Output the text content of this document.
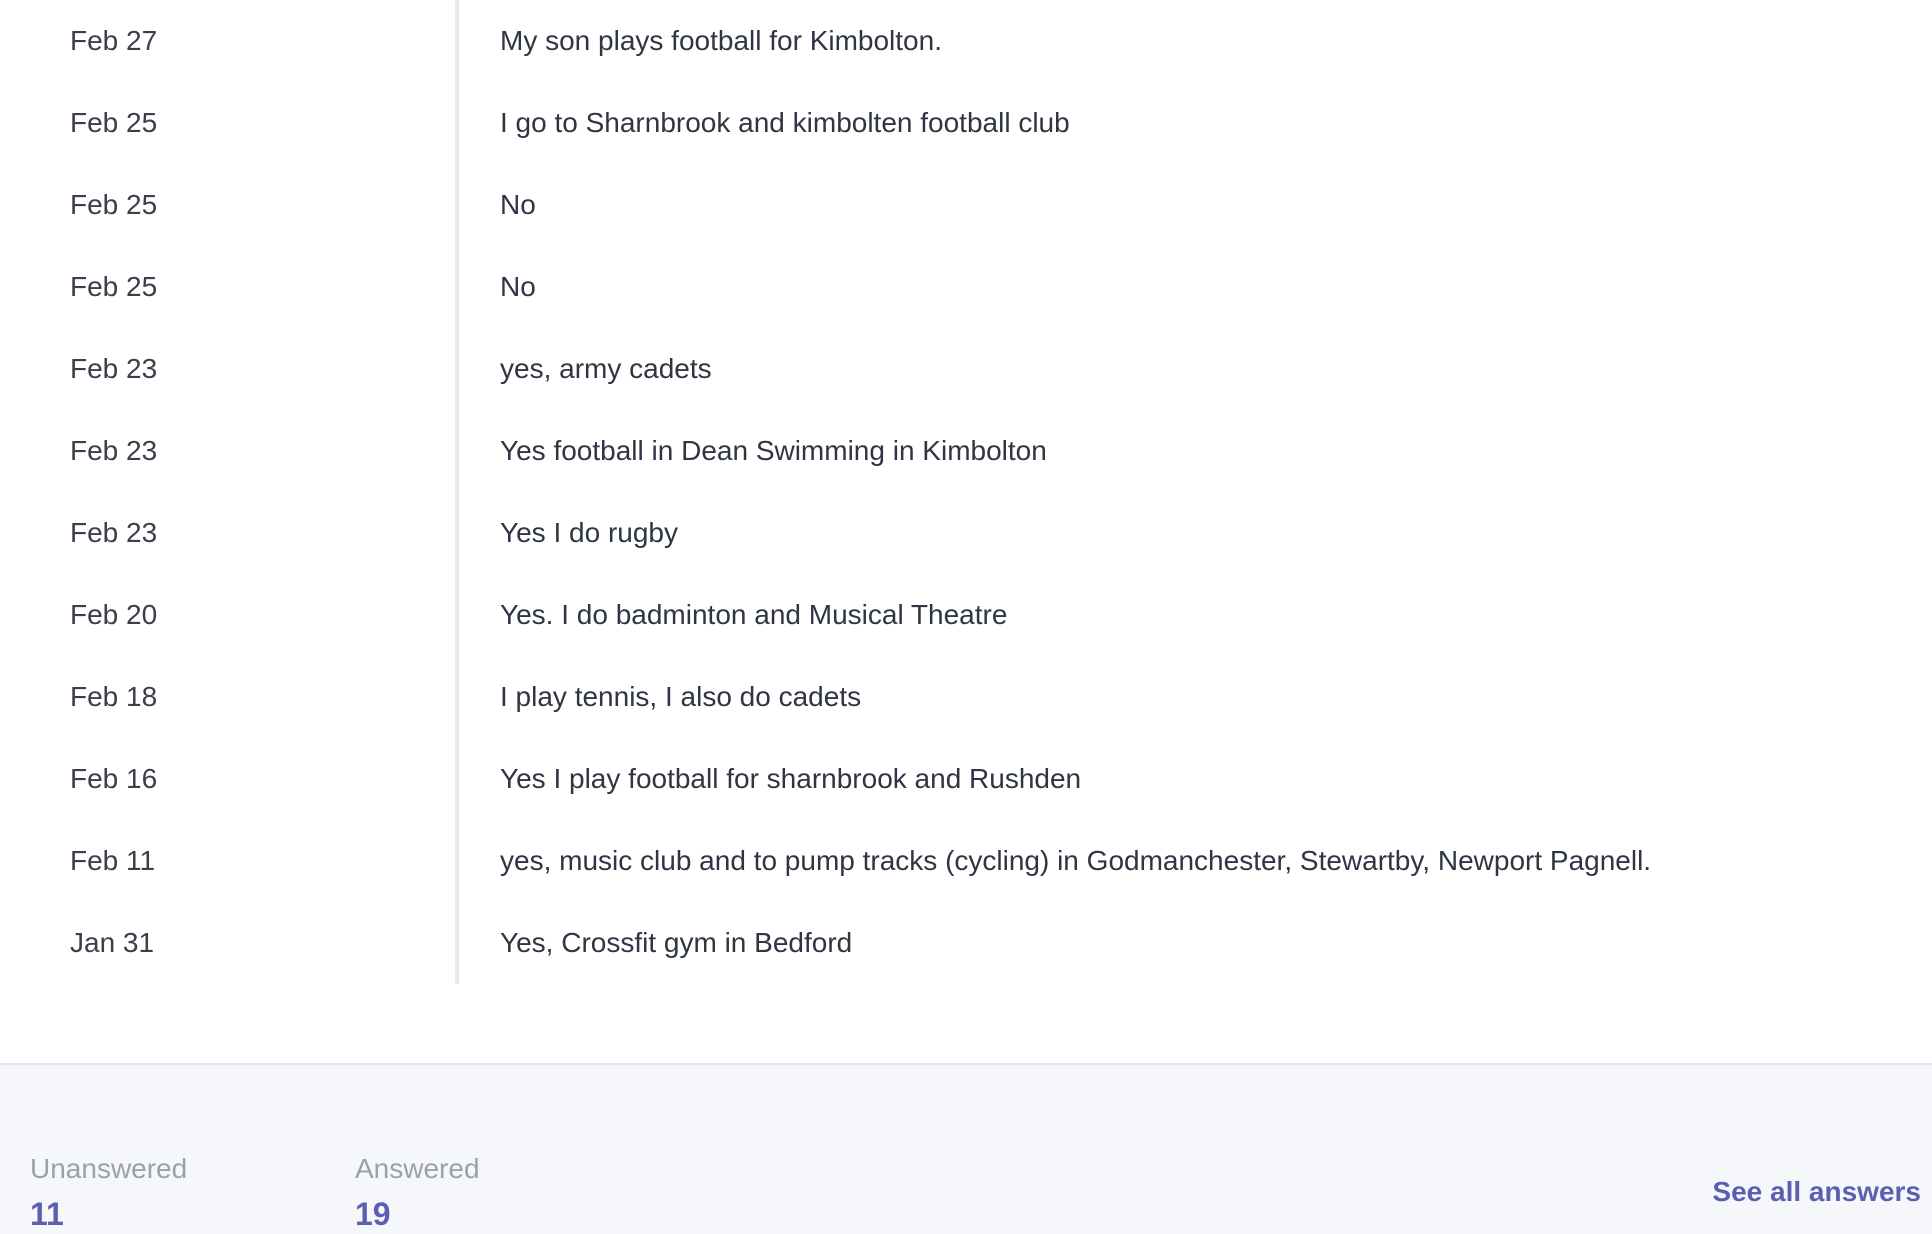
Feb 27	My son plays football for Kimbolton.
Feb 25	I go to Sharnbrook and kimbolten football club
Feb 25	No
Feb 25	No
Feb 23	yes, army cadets
Feb 23	Yes football in Dean Swimming in Kimbolton
Feb 23	Yes I do rugby
Feb 20	Yes. I do badminton and Musical Theatre
Feb 18	I play tennis, I also do cadets
Feb 16	Yes I play football for sharnbrook and Rushden
Feb 11	yes, music club and to pump tracks (cycling) in Godmanchester, Stewartby, Newport Pagnell.
Jan 31	Yes, Crossfit gym in Bedford
Unanswered
11
Answered
19
See all answers
